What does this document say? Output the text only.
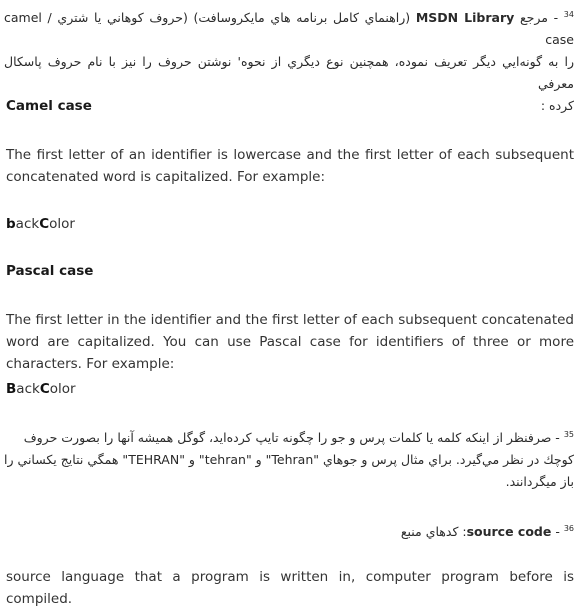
$^{34}$ - مرجع MSDN Library (راهنماي كامل برنامه هاي مايكروسافت) (حروف كوهاني يا شتري / camel case
را به گونه‌ايي ديگر تعريف نموده، همچنين نوع ديگري از نحوه' نوشتن حروف را نيز با نام حروف پاسكال معرفي
كرده :
Camel case
The first letter of an identifier is lowercase and the first letter of each subsequent concatenated word is capitalized. For example:
backColor
Pascal case
The first letter in the identifier and the first letter of each subsequent concatenated word are capitalized. You can use Pascal case for identifiers of three or more characters. For example:
BackColor
$^{35}$ - صرفنظر از اينكه كلمه يا كلمات پرس و جو را چگونه تايپ كرده‌ايد، گوگل هميشه آنها را بصورت حروف
كوچك در نظر مي‌گيرد. براي مثال پرس و جوهاي "Tehran" و "tehran" و "TEHRAN" همگي نتايج يكساني را
باز ميگردانند.
$^{36}$ - source code: كدهاي منبع
source language that a program is written in, computer program before is compiled.
